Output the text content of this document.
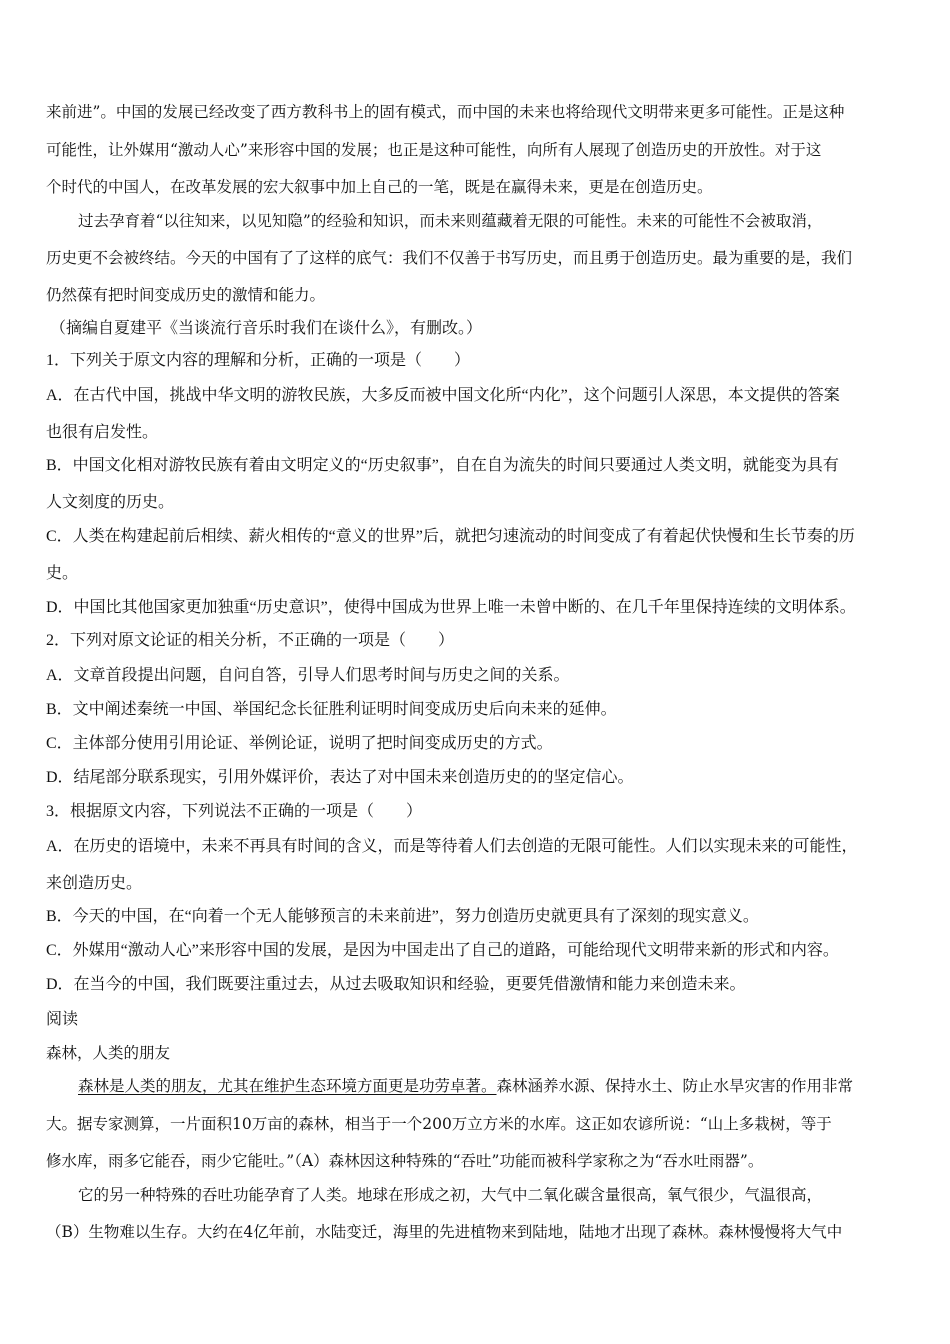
来前进”。中国的发展已经改变了西方教科书上的固有模式，而中国的未来也将给现代文明带来更多可能性。正是这种
可能性，让外媒用“激动人心”来形容中国的发展；也正是这种可能性，向所有人展现了创造历史的开放性。对于这
个时代的中国人，在改革发展的宏大叙事中加上自己的一笔，既是在赢得未来，更是在创造历史。
过去孕育着“以往知来，以见知隐”的经验和知识，而未来则蕴藏着无限的可能性。未来的可能性不会被取消，
历史更不会被终结。今天的中国有了了这样的底气：我们不仅善于书写历史，而且勇于创造历史。最为重要的是，我们
仍然葆有把时间变成历史的激情和能力。
（摘编自夏建平《当谈流行音乐时我们在谈什么》，有删改。）
1．下列关于原文内容的理解和分析，正确的一项是（　　）
A．在古代中国，挑战中华文明的游牧民族，大多反而被中国文化所“内化”，这个问题引人深思，本文提供的答案
也很有启发性。
B．中国文化相对游牧民族有着由文明定义的“历史叙事”，自在自为流失的时间只要通过人类文明，就能变为具有
人文刻度的历史。
C．人类在构建起前后相续、薪火相传的“意义的世界”后，就把匀速流动的时间变成了有着起伏快慢和生长节奏的历
史。
D．中国比其他国家更加独重“历史意识”，使得中国成为世界上唯一未曾中断的、在几千年里保持连续的文明体系。
2．下列对原文论证的相关分析，不正确的一项是（　　）
A．文章首段提出问题，自问自答，引导人们思考时间与历史之间的关系。
B．文中阐述秦统一中国、举国纪念长征胜利证明时间变成历史后向未来的延伸。
C．主体部分使用引用论证、举例论证，说明了把时间变成历史的方式。
D．结尾部分联系现实，引用外媒评价，表达了对中国未来创造历史的的坚定信心。
3．根据原文内容，下列说法不正确的一项是（　　）
A．在历史的语境中，未来不再具有时间的含义，而是等待着人们去创造的无限可能性。人们以实现未来的可能性，
来创造历史。
B．今天的中国，在“向着一个无人能够预言的未来前进”，努力创造历史就更具有了深刻的现实意义。
C．外媒用“激动人心”来形容中国的发展，是因为中国走出了自己的道路，可能给现代文明带来新的形式和内容。
D．在当今的中国，我们既要注重过去，从过去吸取知识和经验，更要凭借激情和能力来创造未来。
阅读
森林，人类的朋友
森林是人类的朋友，尤其在维护生态环境方面更是功劳卓著。森林涵养水源、保持水土、防止水旱灾害的作用非常
大。据专家测算，一片面积10万亩的森林，相当于一个200万立方米的水库。这正如农谚所说：“山上多栽树，等于
修水库，雨多它能吞，雨少它能吐。”（A）森林因这种特殊的“吞吐”功能而被科学家称之为“吞水吐雨器”。
它的另一种特殊的吞吐功能孕育了人类。地球在形成之初，大气中二氧化碳含量很高，氧气很少，气温很高，
（B）生物难以生存。大约在4亿年前，水陆变迁，海里的先进植物来到陆地，陆地才出现了森林。森林慢慢将大气中
